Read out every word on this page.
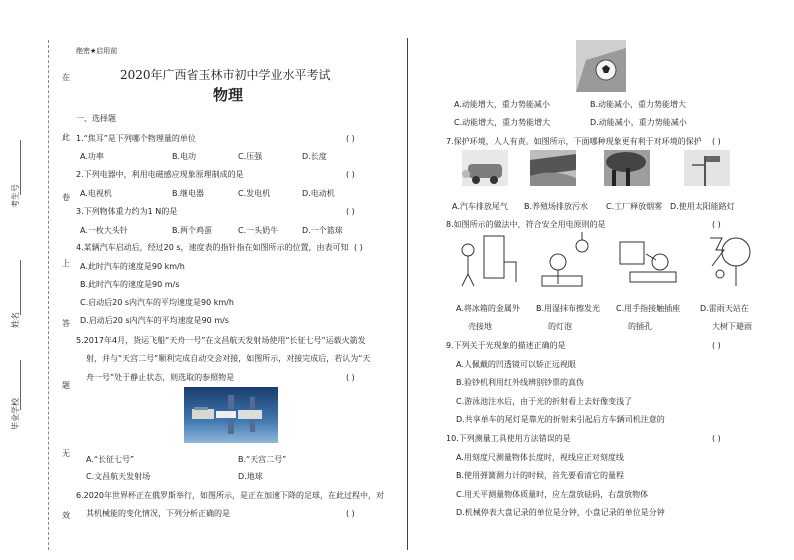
在
此
卷
上
答
题
无
效
考生号
姓名
毕业学校
绝密★启用前
2020年广西省玉林市初中学业水平考试
物理
一、选择题
1.“焦耳”是下列哪个物理量的单位	( )
A.功率	B.电功	C.压强	D.长度
2.下列电器中，利用电磁感应现象原理制成的是	( )
A.电视机	B.继电器	C.发电机	D.电动机
3.下列物体重力约为1 N的是	( )
A.一枚大头针	B.两个鸡蛋	C.一头奶牛	D.一个篮球
4.某辆汽车启动后，经过20 s，速度表的指针指在如图所示的位置，由表可知 ( )
A.此时汽车的速度是90 km/h
B.此时汽车的速度是90 m/s
C.启动后20 s内汽车的平均速度是90 km/h
D.启动后20 s内汽车的平均速度是90 m/s
5.2017年4月，货运飞船“天舟一号”在文昌航天发射场使用“长征七号”运载火箭发
射，并与“天宫二号”顺利完成自动交会对接，如图所示，对接完成后，若认为“天
舟一号”处于静止状态，则选取的参照物是	( )
A.“长征七号”	B.“天宫二号”
C.文昌航天发射场	D.地球
6.2020年世界杯正在俄罗斯举行，如图所示，是正在加速下降的足球，在此过程中，对
其机械能的变化情况，下列分析正确的是	( )
A.动能增大，重力势能减小	B.动能减小，重力势能增大
C.动能增大，重力势能增大	D.动能减小，重力势能减小
7.保护环境，人人有责。如图所示，下面哪种现象更有利于对环境的保护 ( )
A.汽车排放尾气 B.养殖场排放污水 C.工厂释放烟雾 D.使用太阳能路灯
8.如图所示的做法中，符合安全用电原则的是	( )
A.将冰箱的金属外
壳接地
B.用湿抹布擦发光
的灯泡
C.用手指接触插座
的插孔
D.雷雨天站在
大树下避雨
9.下列关于光现象的描述正确的是	( )
A.人佩戴的凹透镜可以矫正远视眼
B.验钞机利用红外线辨别钞票的真伪
C.游泳池注水后，由于光的折射看上去好像变浅了
D.共享单车的尾灯是靠光的折射来引起后方车辆司机注意的
10.下列测量工具使用方法错误的是	( )
A.用刻度尺测量物体长度时，视线应正对刻度线
B.使用弹簧测力计的时候，首先要看清它的量程
C.用天平测量物体质量时，应左盘放砝码，右盘放物体
D.机械停表大盘记录的单位是分钟，小盘记录的单位是分钟
